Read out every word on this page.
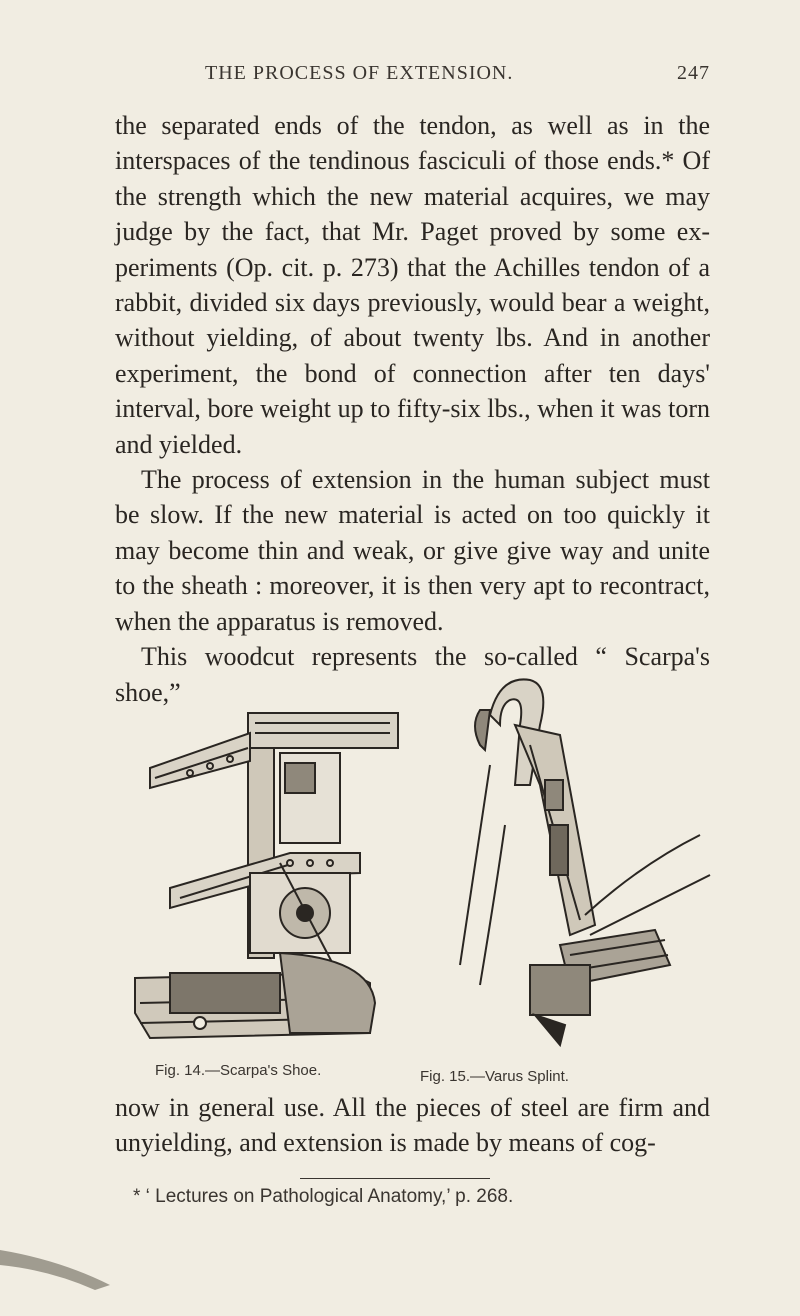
THE PROCESS OF EXTENSION.	247

the separated ends of the tendon, as well as in the interspaces of the tendinous fasciculi of those ends.* Of the strength which the new material acquires, we may judge by the fact, that Mr. Paget proved by some experiments (Op. cit. p. 273) that the Achilles tendon of a rabbit, divided six days previously, would bear a weight, without yielding, of about twenty lbs. And in another experiment, the bond of connection after ten days' interval, bore weight up to fifty-six lbs., when it was torn and yielded.

The process of extension in the human subject must be slow. If the new material is acted on too quickly it may become thin and weak, or give give way and unite to the sheath : moreover, it is then very apt to recontract, when the apparatus is removed.

This woodcut represents the so-called “ Scarpa's shoe,”

Fig. 14.—Scarpa's Shoe.	Fig. 15.—Varus Splint.
now in general use. All the pieces of steel are firm and unyielding, and extension is made by means of cog-
* ‘ Lectures on Pathological Anatomy,’ p. 268.
